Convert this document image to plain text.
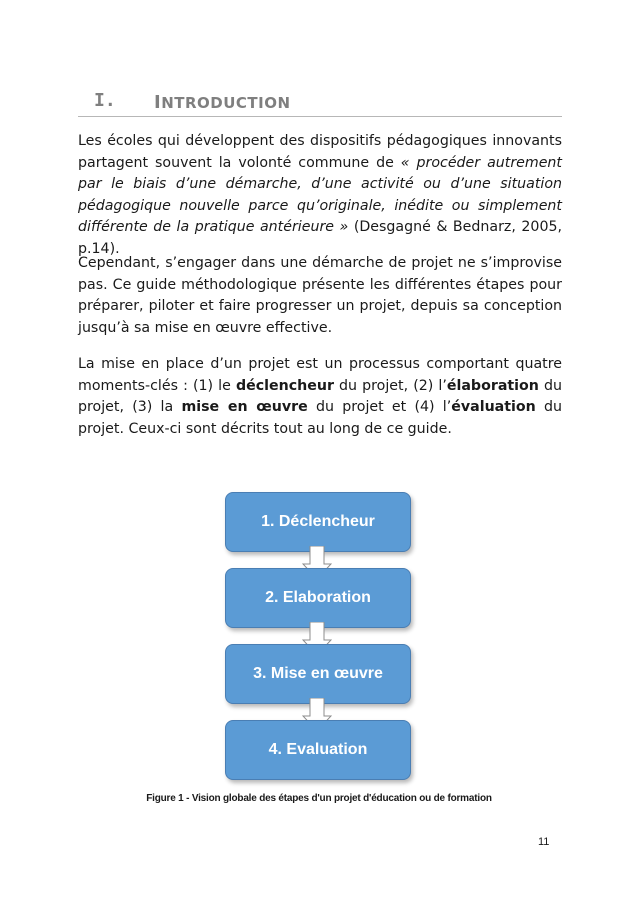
I. INTRODUCTION

Les écoles qui développent des dispositifs pédagogiques innovants partagent souvent la volonté commune de « procéder autrement par le biais d’une démarche, d’une activité ou d’une situation pédagogique nouvelle parce qu’originale, inédite ou simplement différente de la pratique antérieure » (Desgagné & Bednarz, 2005, p.14).

Cependant, s’engager dans une démarche de projet ne s’improvise pas. Ce guide méthodologique présente les différentes étapes pour préparer, piloter et faire progresser un projet, depuis sa conception jusqu’à sa mise en œuvre effective.

La mise en place d’un projet est un processus comportant quatre moments-clés : (1) le déclencheur du projet, (2) l’élaboration du projet, (3) la mise en œuvre du projet et (4) l’évaluation du projet. Ceux-ci sont décrits tout au long de ce guide.

1. Déclencheur
2. Elaboration
3. Mise en œuvre
4. Evaluation
Figure 1 - Vision globale des étapes d'un projet d'éducation ou de formation
11
